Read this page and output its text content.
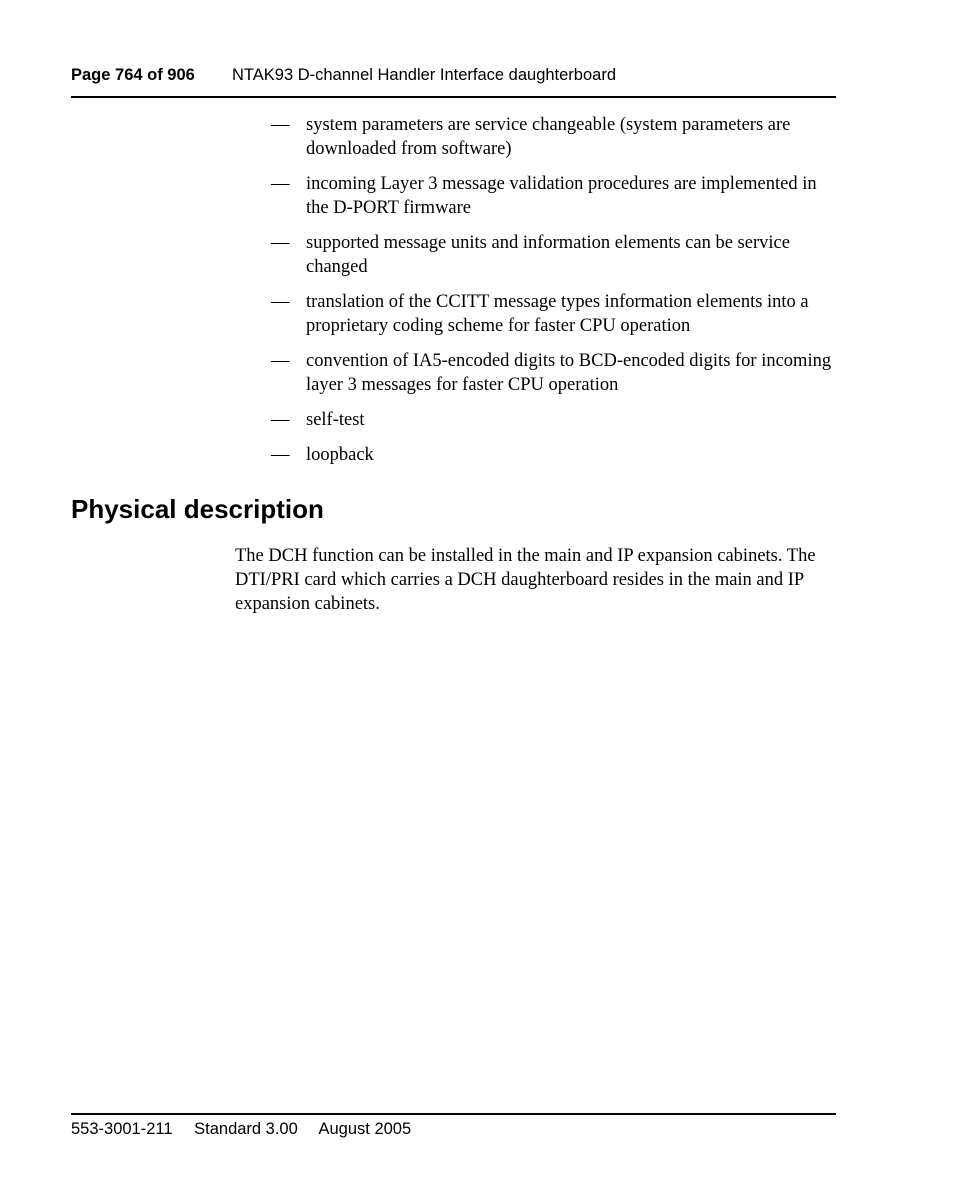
Page 764 of 906 NTAK93 D-channel Handler Interface daughterboard
— system parameters are service changeable (system parameters are downloaded from software)
— incoming Layer 3 message validation procedures are implemented in the D-PORT firmware
— supported message units and information elements can be service changed
— translation of the CCITT message types information elements into a proprietary coding scheme for faster CPU operation
— convention of IA5-encoded digits to BCD-encoded digits for incoming layer 3 messages for faster CPU operation
— self-test
— loopback
Physical description

The DCH function can be installed in the main and IP expansion cabinets. The DTI/PRI card which carries a DCH daughterboard resides in the main and IP expansion cabinets.

553-3001-211 Standard 3.00 August 2005
